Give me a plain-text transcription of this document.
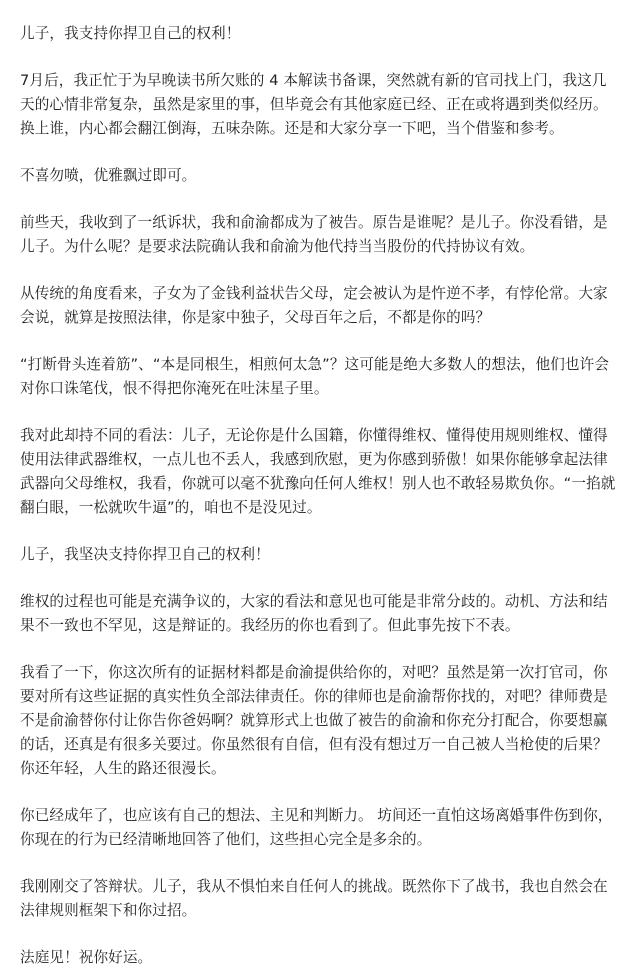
儿子，我支持你捍卫自己的权利！

7月后，我正忙于为早晚读书所欠账的 4 本解读书备课，突然就有新的官司找上门，我这几天的心情非常复杂，虽然是家里的事，但毕竟会有其他家庭已经、正在或将遇到类似经历。换上谁，内心都会翻江倒海，五味杂陈。还是和大家分享一下吧，当个借鉴和参考。

不喜勿喷，优雅飘过即可。

前些天，我收到了一纸诉状，我和俞渝都成为了被告。原告是谁呢？是儿子。你没看错，是儿子。为什么呢？是要求法院确认我和俞渝为他代持当当股份的代持协议有效。

从传统的角度看来，子女为了金钱利益状告父母，定会被认为是忤逆不孝，有悖伦常。大家会说，就算是按照法律，你是家中独子，父母百年之后，不都是你的吗？

“打断骨头连着筋”、“本是同根生，相煎何太急”？这可能是绝大多数人的想法，他们也许会对你口诛笔伐，恨不得把你淹死在吐沫星子里。

我对此却持不同的看法：儿子，无论你是什么国籍，你懂得维权、懂得使用规则维权、懂得使用法律武器维权，一点儿也不丢人，我感到欣慰，更为你感到骄傲！如果你能够拿起法律武器向父母维权，我看，你就可以毫不犹豫向任何人维权！别人也不敢轻易欺负你。“一掐就翻白眼，一松就吹牛逼”的，咱也不是没见过。

儿子，我坚决支持你捍卫自己的权利！

维权的过程也可能是充满争议的，大家的看法和意见也可能是非常分歧的。动机、方法和结果不一致也不罕见，这是辩证的。我经历的你也看到了。但此事先按下不表。

我看了一下，你这次所有的证据材料都是俞渝提供给你的，对吧？虽然是第一次打官司，你要对所有这些证据的真实性负全部法律责任。你的律师也是俞渝帮你找的，对吧？律师费是不是俞渝替你付让你告你爸妈啊？就算形式上也做了被告的俞渝和你充分打配合，你要想赢的话，还真是有很多关要过。你虽然很有自信，但有没有想过万一自己被人当枪使的后果？你还年轻，人生的路还很漫长。

你已经成年了，也应该有自己的想法、主见和判断力。 坊间还一直怕这场离婚事件伤到你，你现在的行为已经清晰地回答了他们，这些担心完全是多余的。

我刚刚交了答辩状。儿子，我从不惧怕来自任何人的挑战。既然你下了战书，我也自然会在法律规则框架下和你过招。

法庭见！祝你好运。
